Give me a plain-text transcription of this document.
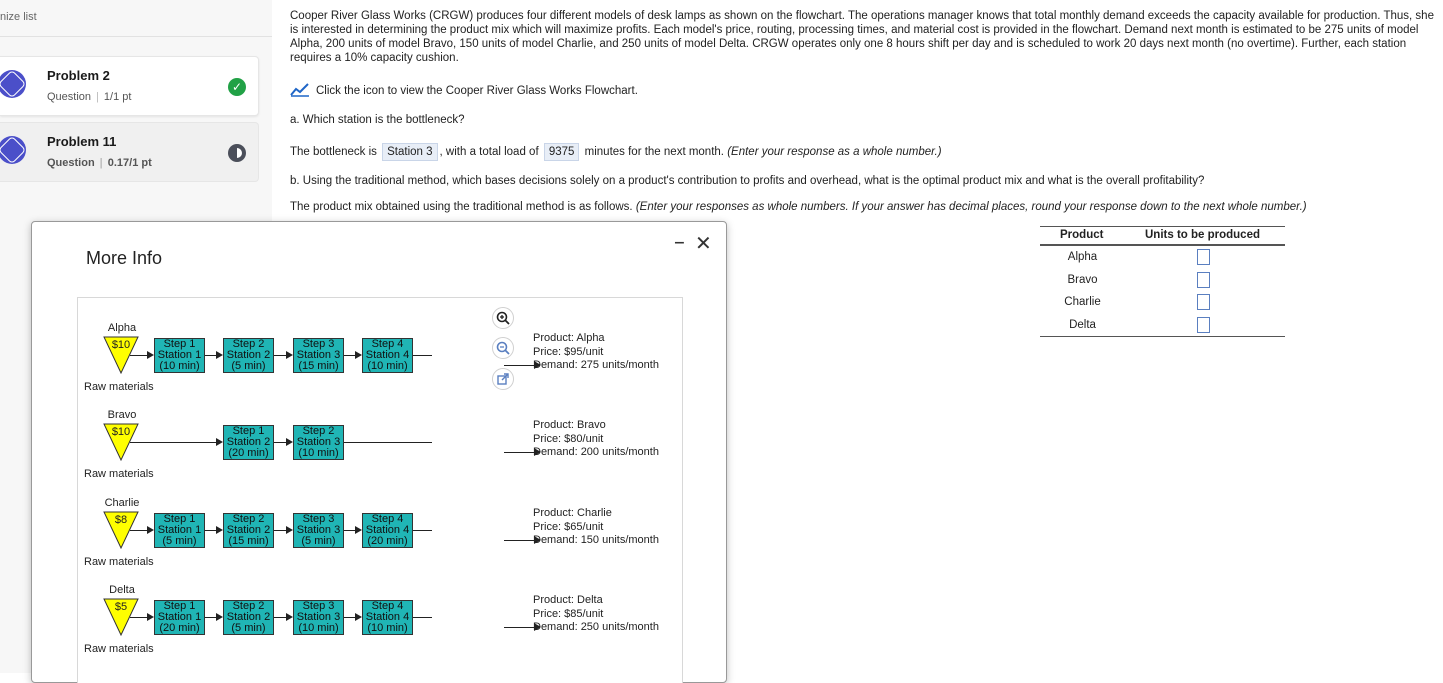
nize list
Problem 2
Question | 1/1 pt
✓
Problem 11
Question | 0.17/1 pt
Cooper River Glass Works (CRGW) produces four different models of desk lamps as shown on the flowchart. The operations manager knows that total monthly demand exceeds the capacity available for production. Thus, she is interested in determining the product mix which will maximize profits. Each model's price, routing, processing times, and material cost is provided in the flowchart. Demand next month is estimated to be 275 units of model Alpha, 200 units of model Bravo, 150 units of model Charlie, and 250 units of model Delta. CRGW operates only one 8 hours shift per day and is scheduled to work 20 days next month (no overtime). Further, each station requires a 10% capacity cushion.
Click the icon to view the Cooper River Glass Works Flowchart.
a. Which station is the bottleneck?
The bottleneck is Station 3 , with a total load of 9375 minutes for the next month. (Enter your response as a whole number.)
b. Using the traditional method, which bases decisions solely on a product's contribution to profits and overhead, what is the optimal product mix and what is the overall profitability?
The product mix obtained using the traditional method is as follows. (Enter your responses as whole numbers. If your answer has decimal places, round your response down to the next whole number.)
Product	Units to be produced
Alpha
Bravo
Charlie
Delta
More Info
‒ ✕
Alpha
$10
Raw materials
Step 1
Station 1
(10 min)
Step 2
Station 2
(5 min)
Step 3
Station 3
(15 min)
Step 4
Station 4
(10 min)
Product: Alpha
Price: $95/unit
Demand: 275 units/month
Bravo
$10
Raw materials
Step 1
Station 2
(20 min)
Step 2
Station 3
(10 min)
Product: Bravo
Price: $80/unit
Demand: 200 units/month
Charlie
$8
Raw materials
Step 1
Station 1
(5 min)
Step 2
Station 2
(15 min)
Step 3
Station 3
(5 min)
Step 4
Station 4
(20 min)
Product: Charlie
Price: $65/unit
Demand: 150 units/month
Delta
$5
Raw materials
Step 1
Station 1
(20 min)
Step 2
Station 2
(5 min)
Step 3
Station 3
(10 min)
Step 4
Station 4
(10 min)
Product: Delta
Price: $85/unit
Demand: 250 units/month
